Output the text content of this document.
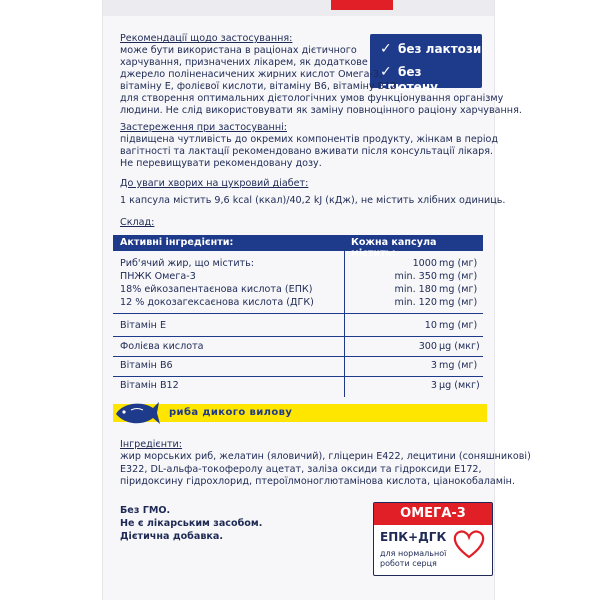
✓ без лактози
✓ без глютену
Рекомендації щодо застосування:
може бути використана в раціонах дієтичного
харчування, призначених лікарем, як додаткове
джерело поліненасичених жирних кислот Омега-3,
вітаміну Е, фолієвої кислоти, вітаміну B6, вітаміну B12
для створення оптимальних дієтологічних умов функціонування організму
людини. Не слід використовувати як заміну повноцінного раціону харчування.
Застереження при застосуванні:
підвищена чутливість до окремих компонентів продукту, жінкам в період
вагітності та лактації рекомендовано вживати після консультації лікаря.
Не перевищувати рекомендовану дозу.
До уваги хворих на цукровий діабет:
1 капсула містить 9,6 kcal (ккал)/40,2 kJ (кДж), не містить хлібних одиниць.
Склад:
Активні інгредієнти:	Кожна капсула містить:
Риб'ячий жир, що містить:	1000 mg (мг)
ПНЖК Омега-3	min. 350 mg (мг)
18% ейкозапентаєнова кислота (ЕПК)	min. 180 mg (мг)
12 % докозагексаєнова кислота (ДГК)	min. 120 mg (мг)
Вітамін Е	10 mg (мг)
Фолієва кислота	300 μg (мкг)
Вітамін B6	3 mg (мг)
Вітамін B12	3 μg (мкг)
риба дикого вилову
Інгредієнти:
жир морських риб, желатин (яловичий), гліцерин Е422, лецитини (соняшникові)
Е322, DL-альфа-токоферолу ацетат, заліза оксиди та гідроксиди Е172,
піридоксину гідрохлорид, птероїлмоноглютамінова кислота, ціанокобаламін.
Без ГМО.
Не є лікарським засобом.
Дієтична добавка.
ОМЕГА-3
ЕПК+ДГК
для нормальної
роботи серця
